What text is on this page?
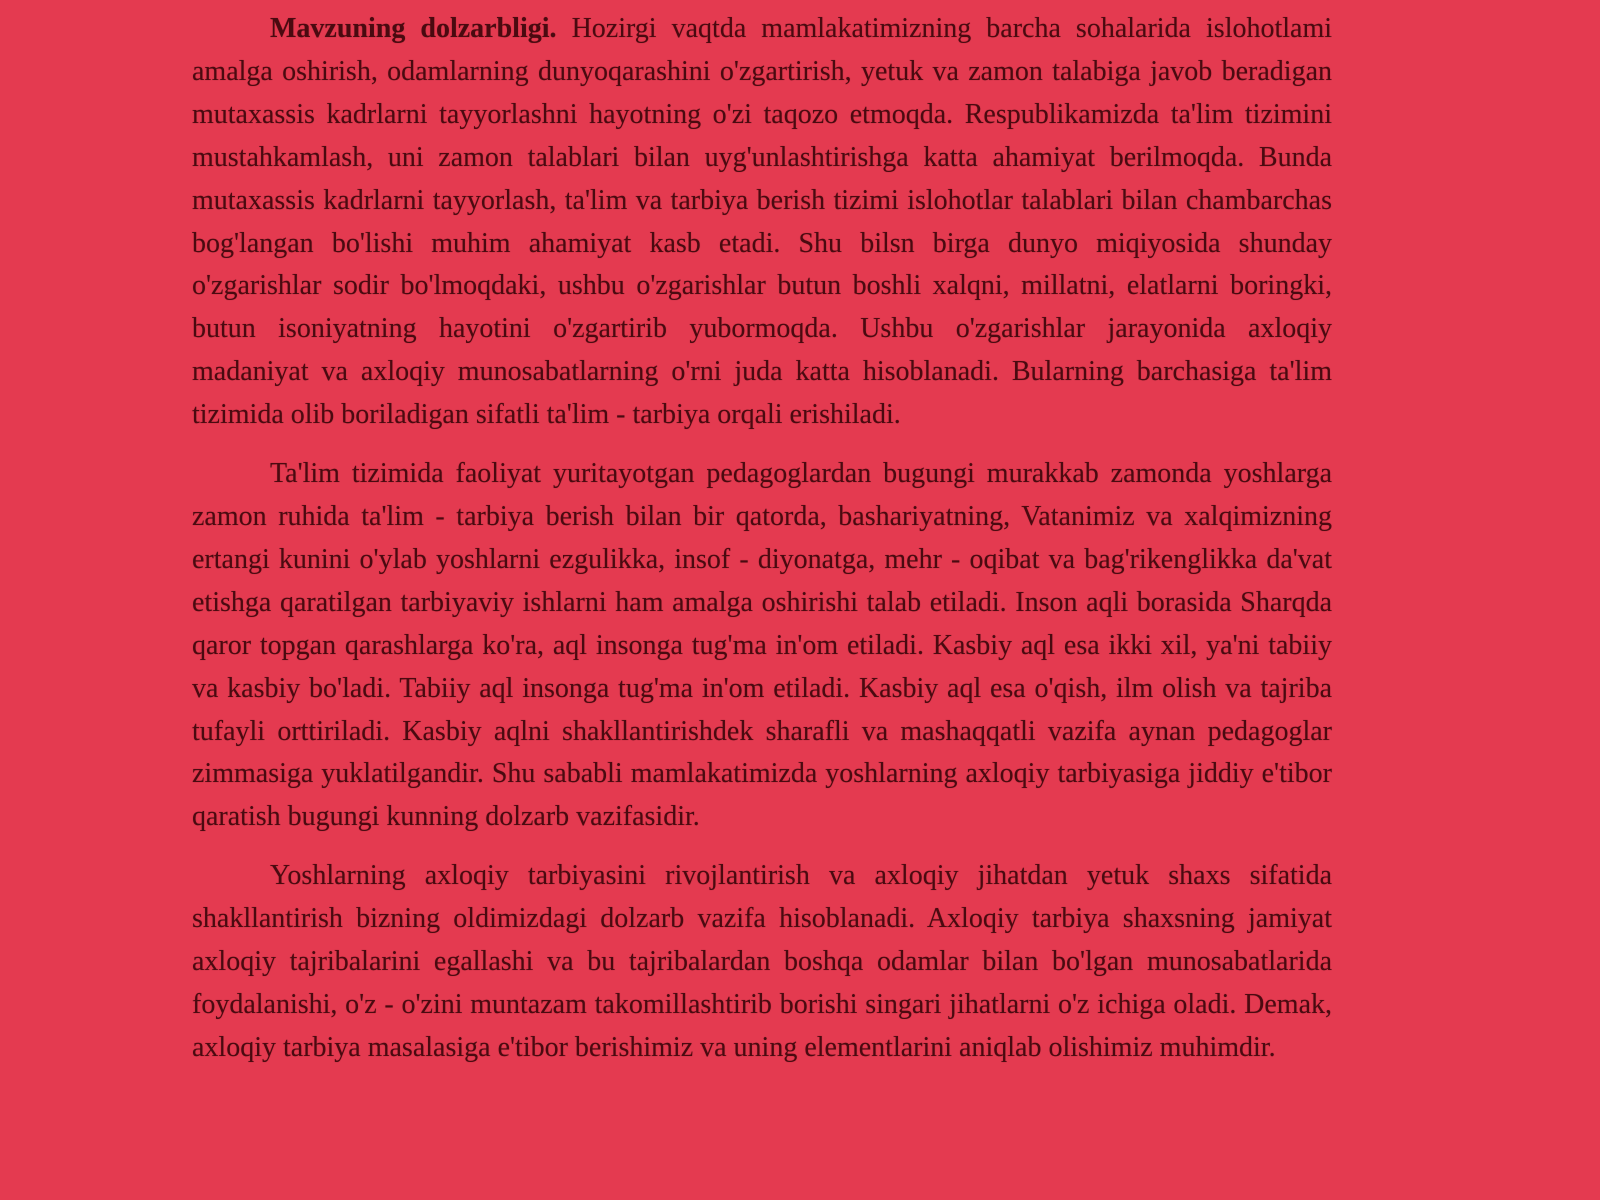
Mavzuning dolzarbligi. Hozirgi vaqtda mamlakatimizning barcha sohalarida islohotlami amalga oshirish, odamlarning dunyoqarashini o'zgartirish, yetuk va zamon talabiga javob beradigan mutaxassis kadrlarni tayyorlashni hayotning o'zi taqozo etmoqda. Respublikamizda ta'lim tizimini mustahkamlash, uni zamon talablari bilan uyg'unlashtirishga katta ahamiyat berilmoqda. Bunda mutaxassis kadrlarni tayyorlash, ta'lim va tarbiya berish tizimi islohotlar talablari bilan chambarchas bog'langan bo'lishi muhim ahamiyat kasb etadi. Shu bilsn birga dunyo miqiyosida shunday o'zgarishlar sodir bo'lmoqdaki, ushbu o'zgarishlar butun boshli xalqni, millatni, elatlarni boringki, butun isoniyatning hayotini o'zgartirib yubormoqda. Ushbu o'zgarishlar jarayonida axloqiy madaniyat va axloqiy munosabatlarning o'rni juda katta hisoblanadi. Bularning barchasiga ta'lim tizimida olib boriladigan sifatli ta'lim - tarbiya orqali erishiladi.

Ta'lim tizimida faoliyat yuritayotgan pedagoglardan bugungi murakkab zamonda yoshlarga zamon ruhida ta'lim - tarbiya berish bilan bir qatorda, bashariyatning, Vatanimiz va xalqimizning ertangi kunini o'ylab yoshlarni ezgulikka, insof - diyonatga, mehr - oqibat va bag'rikenglikka da'vat etishga qaratilgan tarbiyaviy ishlarni ham amalga oshirishi talab etiladi. Inson aqli borasida Sharqda qaror topgan qarashlarga ko'ra, aql insonga tug'ma in'om etiladi. Kasbiy aql esa ikki xil, ya'ni tabiiy va kasbiy bo'ladi. Tabiiy aql insonga tug'ma in'om etiladi. Kasbiy aql esa o'qish, ilm olish va tajriba tufayli orttiriladi. Kasbiy aqlni shakllantirishdek sharafli va mashaqqatli vazifa aynan pedagoglar zimmasiga yuklatilgandir. Shu sababli mamlakatimizda yoshlarning axloqiy tarbiyasiga jiddiy e'tibor qaratish bugungi kunning dolzarb vazifasidir.

Yoshlarning axloqiy tarbiyasini rivojlantirish va axloqiy jihatdan yetuk shaxs sifatida shakllantirish bizning oldimizdagi dolzarb vazifa hisoblanadi. Axloqiy tarbiya shaxsning jamiyat axloqiy tajribalarini egallashi va bu tajribalardan boshqa odamlar bilan bo'lgan munosabatlarida foydalanishi, o'z - o'zini muntazam takomillashtirib borishi singari jihatlarni o'z ichiga oladi. Demak, axloqiy tarbiya masalasiga e'tibor berishimiz va uning elementlarini aniqlab olishimiz muhimdir.
